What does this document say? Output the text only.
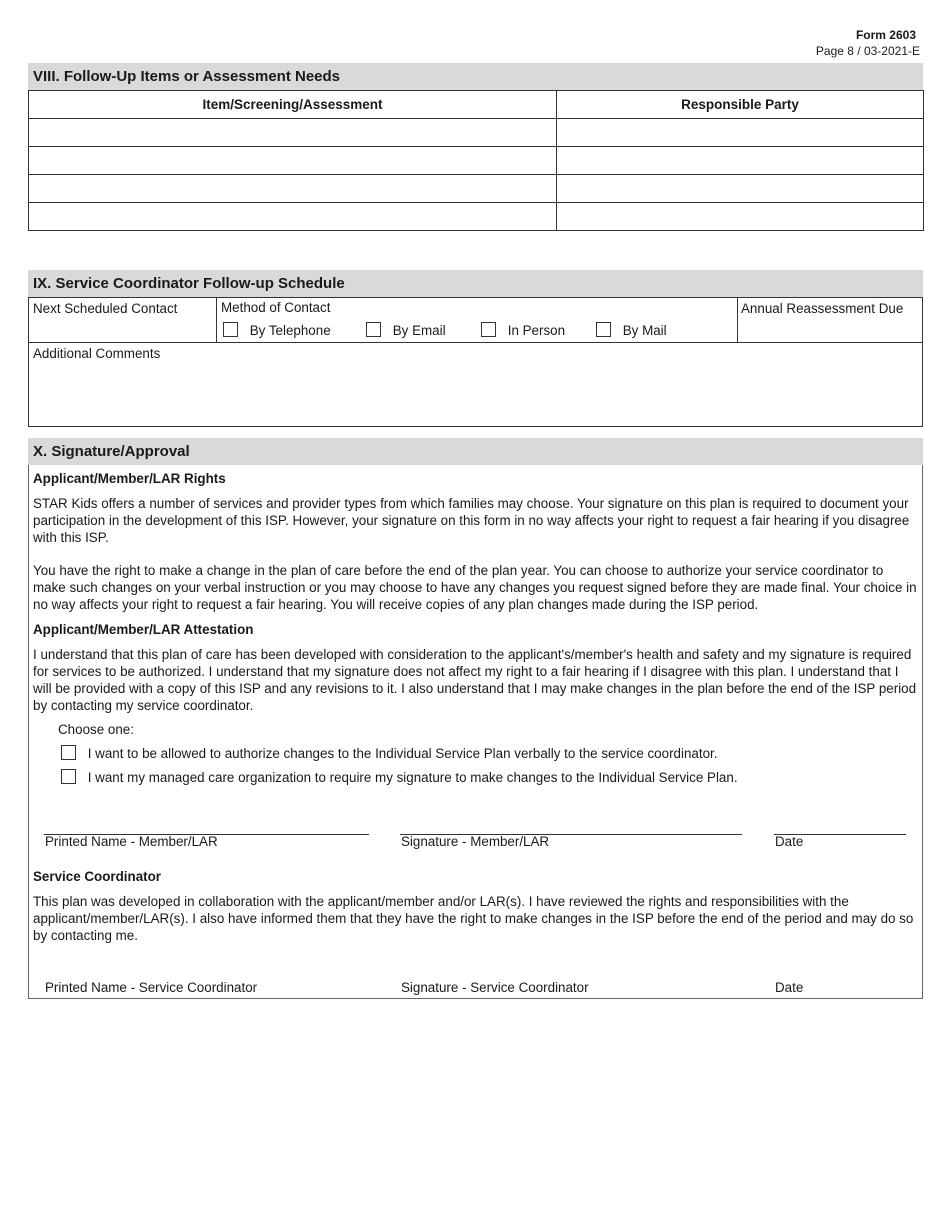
Form 2603
Page 8 / 03-2021-E
VIII. Follow-Up Items or Assessment Needs
Item/Screening/Assessment	Responsible Party

IX. Service Coordinator Follow-up Schedule
Next Scheduled Contact	Method of Contact
By Telephone	By Email	In Person	By Mail
Annual Reassessment Due
Additional Comments
X. Signature/Approval
Applicant/Member/LAR Rights
STAR Kids offers a number of services and provider types from which families may choose. Your signature on this plan is required to document your participation in the development of this ISP. However, your signature on this form in no way affects your right to request a fair hearing if you disagree with this ISP.
You have the right to make a change in the plan of care before the end of the plan year. You can choose to authorize your service coordinator to make such changes on your verbal instruction or you may choose to have any changes you request signed before they are made final. Your choice in no way affects your right to request a fair hearing. You will receive copies of any plan changes made during the ISP period.
Applicant/Member/LAR Attestation
I understand that this plan of care has been developed with consideration to the applicant's/member's health and safety and my signature is required for services to be authorized. I understand that my signature does not affect my right to a fair hearing if I disagree with this plan. I understand that I will be provided with a copy of this ISP and any revisions to it. I also understand that I may make changes in the plan before the end of the ISP period by contacting my service coordinator.
Choose one:
I want to be allowed to authorize changes to the Individual Service Plan verbally to the service coordinator.
I want my managed care organization to require my signature to make changes to the Individual Service Plan.
Printed Name - Member/LAR	Signature - Member/LAR	Date
Service Coordinator
This plan was developed in collaboration with the applicant/member and/or LAR(s). I have reviewed the rights and responsibilities with the applicant/member/LAR(s). I also have informed them that they have the right to make changes in the ISP before the end of the period and may do so by contacting me.
Printed Name - Service Coordinator	Signature - Service Coordinator	Date
